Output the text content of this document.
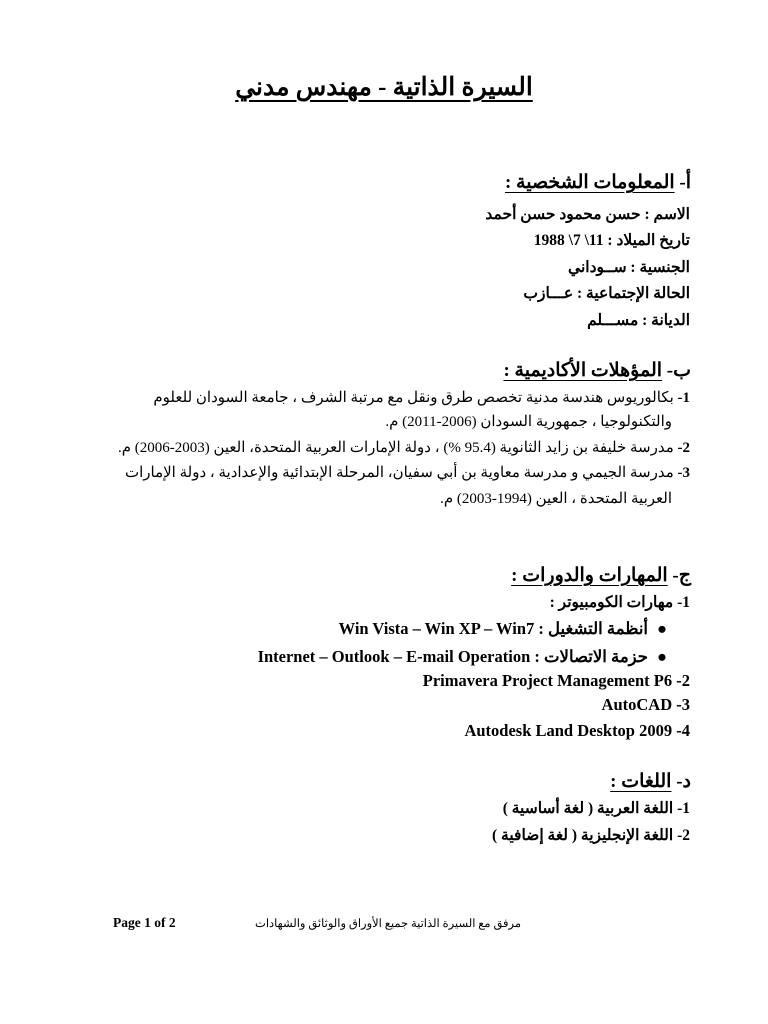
السيرة الذاتية - مهندس مدني
أ- المعلومات الشخصية :
الاسم : حسن محمود حسن أحمد
تاريخ الميلاد : 11\ 7\ 1988
الجنسية : ســوداني
الحالة الإجتماعية : عـــازب
الديانة : مســـلم
ب- المؤهلات الأكاديمية :
1- بكالوريوس هندسة مدنية تخصص طرق ونقل مع مرتبة الشرف ، جامعة السودان للعلوم
والتكنولوجيا ، جمهورية السودان (2006-2011) م.
2- مدرسة خليفة بن زايد الثانوية (95.4 %) ، دولة الإمارات العربية المتحدة، العين (2003-2006) م.
3- مدرسة الجيمي و مدرسة معاوية بن أبي سفيان، المرحلة الإبتدائية والإعدادية ، دولة الإمارات
العربية المتحدة ، العين (1994-2003) م.
ج- المهارات والدورات :
1- مهارات الكومبيوتر :
●أنظمة التشغيل : Win Vista – Win XP – Win7
●حزمة الاتصالات : Internet – Outlook – E-mail Operation
Primavera Project Management P6 -2
AutoCAD -3
Autodesk Land Desktop 2009 -4
د- اللغات :
1- اللغة العربية ( لغة أساسية )
2- اللغة الإنجليزية ( لغة إضافية )
Page 1 of 2	مرفق مع السيرة الذاتية جميع الأوراق والوثائق والشهادات
